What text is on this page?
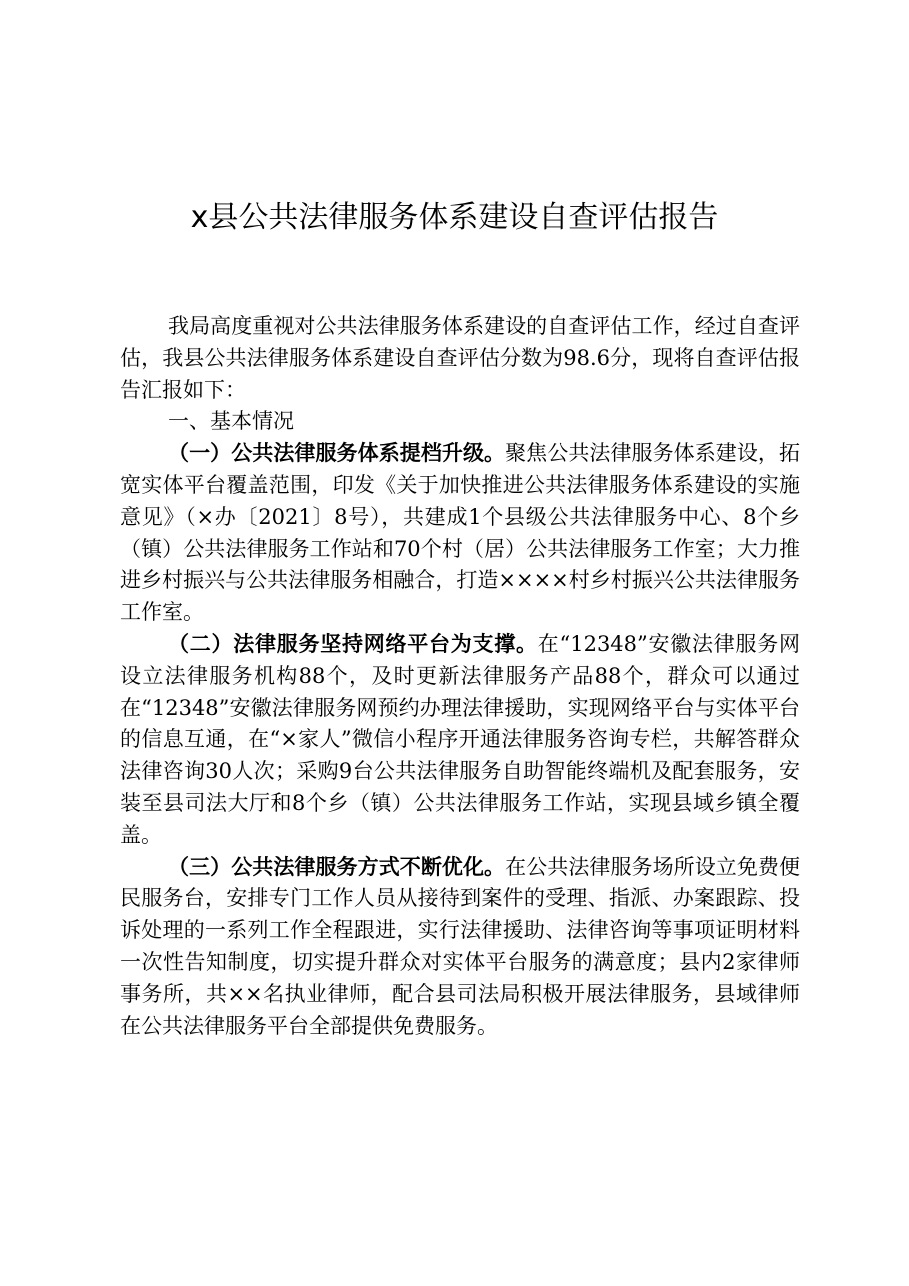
x县公共法律服务体系建设自查评估报告

我局高度重视对公共法律服务体系建设的自查评估工作，经过自查评估，我县公共法律服务体系建设自查评估分数为98.6分，现将自查评估报告汇报如下：

一、基本情况

（一）公共法律服务体系提档升级。聚焦公共法律服务体系建设，拓宽实体平台覆盖范围，印发《关于加快推进公共法律服务体系建设的实施意见》（×办〔2021〕8号），共建成1个县级公共法律服务中心、8个乡（镇）公共法律服务工作站和70个村（居）公共法律服务工作室；大力推进乡村振兴与公共法律服务相融合，打造××××村乡村振兴公共法律服务工作室。

（二）法律服务坚持网络平台为支撑。在“12348”安徽法律服务网设立法律服务机构88个，及时更新法律服务产品88个，群众可以通过在“12348”安徽法律服务网预约办理法律援助，实现网络平台与实体平台的信息互通，在“×家人”微信小程序开通法律服务咨询专栏，共解答群众法律咨询30人次；采购9台公共法律服务自助智能终端机及配套服务，安装至县司法大厅和8个乡（镇）公共法律服务工作站，实现县域乡镇全覆盖。

（三）公共法律服务方式不断优化。在公共法律服务场所设立免费便民服务台，安排专门工作人员从接待到案件的受理、指派、办案跟踪、投诉处理的一系列工作全程跟进，实行法律援助、法律咨询等事项证明材料一次性告知制度，切实提升群众对实体平台服务的满意度；县内2家律师事务所，共××名执业律师，配合县司法局积极开展法律服务，县域律师在公共法律服务平台全部提供免费服务。
